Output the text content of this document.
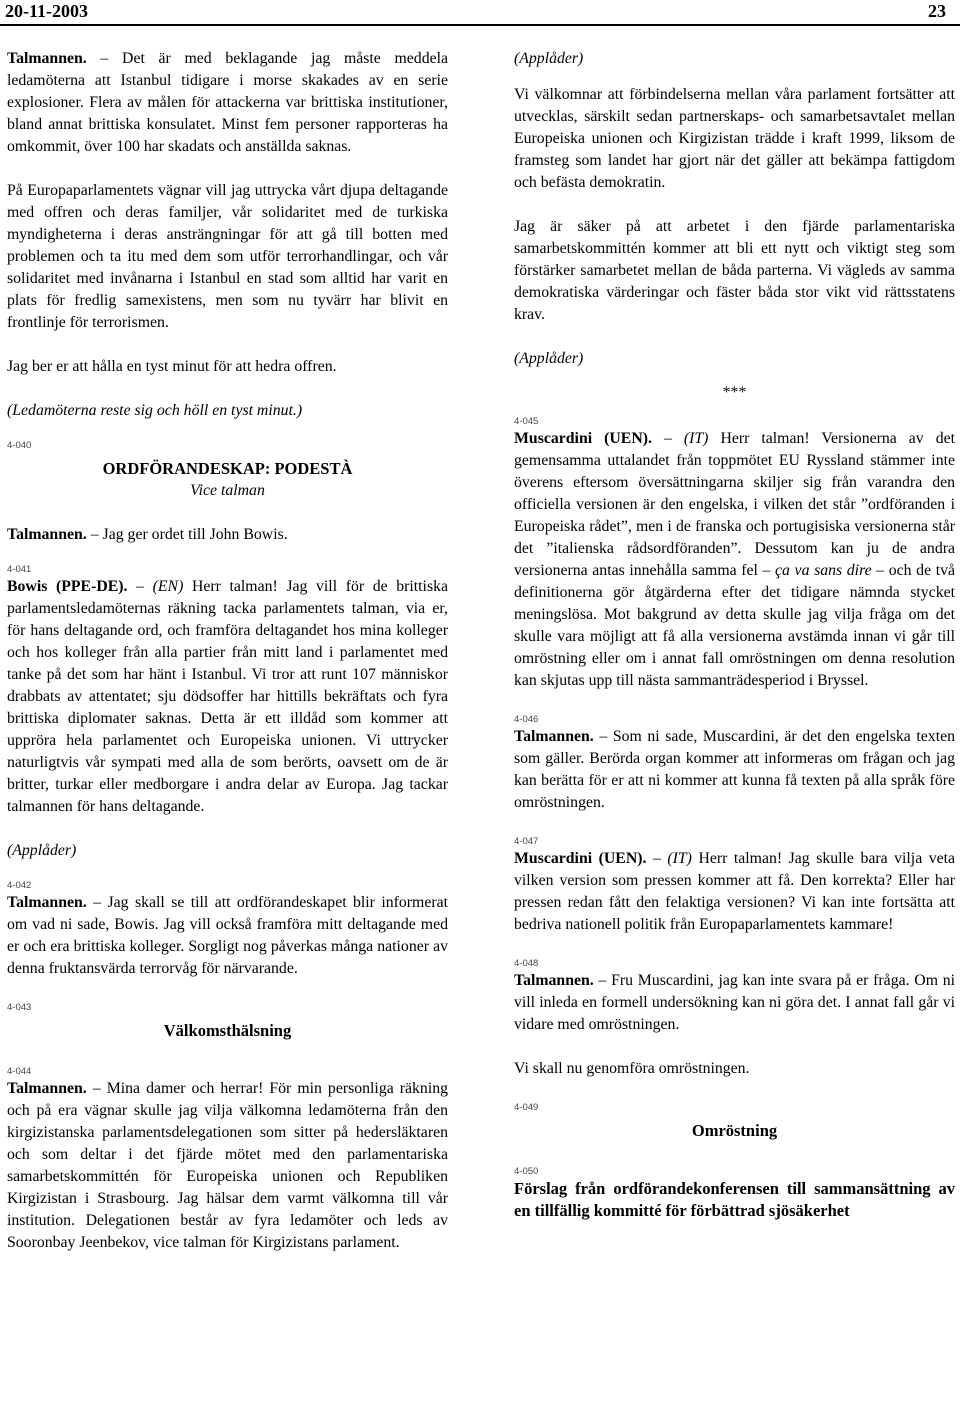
20-11-2003	23

Talmannen. – Det är med beklagande jag måste meddela ledamöterna att Istanbul tidigare i morse skakades av en serie explosioner. Flera av målen för attackerna var brittiska institutioner, bland annat brittiska konsulatet. Minst fem personer rapporteras ha omkommit, över 100 har skadats och anställda saknas.

På Europaparlamentets vägnar vill jag uttrycka vårt djupa deltagande med offren och deras familjer, vår solidaritet med de turkiska myndigheterna i deras ansträngningar för att gå till botten med problemen och ta itu med dem som utför terrorhandlingar, och vår solidaritet med invånarna i Istanbul en stad som alltid har varit en plats för fredlig samexistens, men som nu tyvärr har blivit en frontlinje för terrorismen.

Jag ber er att hålla en tyst minut för att hedra offren.

(Ledamöterna reste sig och höll en tyst minut.)

4-040

ORDFÖRANDESKAP: PODESTÀ
Vice talman

Talmannen. – Jag ger ordet till John Bowis.

4-041

Bowis (PPE-DE). – (EN) Herr talman! Jag vill för de brittiska parlamentsledamöternas räkning tacka parlamentets talman, via er, för hans deltagande ord, och framföra deltagandet hos mina kolleger och hos kolleger från alla partier från mitt land i parlamentet med tanke på det som har hänt i Istanbul. Vi tror att runt 107 människor drabbats av attentatet; sju dödsoffer har hittills bekräftats och fyra brittiska diplomater saknas. Detta är ett illdåd som kommer att uppröra hela parlamentet och Europeiska unionen. Vi uttrycker naturligtvis vår sympati med alla de som berörts, oavsett om de är britter, turkar eller medborgare i andra delar av Europa. Jag tackar talmannen för hans deltagande.

(Applåder)

4-042

Talmannen. – Jag skall se till att ordförandeskapet blir informerat om vad ni sade, Bowis. Jag vill också framföra mitt deltagande med er och era brittiska kolleger. Sorgligt nog påverkas många nationer av denna fruktansvärda terrorvåg för närvarande.

4-043

Välkomsthälsning

4-044

Talmannen. – Mina damer och herrar! För min personliga räkning och på era vägnar skulle jag vilja välkomna ledamöterna från den kirgizistanska parlamentsdelegationen som sitter på hedersläktaren och som deltar i det fjärde mötet med den parlamentariska samarbetskommittén för Europeiska unionen och Republiken Kirgizistan i Strasbourg. Jag hälsar dem varmt välkomna till vår institution. Delegationen består av fyra ledamöter och leds av Sooronbay Jeenbekov, vice talman för Kirgizistans parlament.

(Applåder)

Vi välkomnar att förbindelserna mellan våra parlament fortsätter att utvecklas, särskilt sedan partnerskaps- och samarbetsavtalet mellan Europeiska unionen och Kirgizistan trädde i kraft 1999, liksom de framsteg som landet har gjort när det gäller att bekämpa fattigdom och befästa demokratin.

Jag är säker på att arbetet i den fjärde parlamentariska samarbetskommittén kommer att bli ett nytt och viktigt steg som förstärker samarbetet mellan de båda parterna. Vi vägleds av samma demokratiska värderingar och fäster båda stor vikt vid rättsstatens krav.

(Applåder)

***

4-045

Muscardini (UEN). – (IT) Herr talman! Versionerna av det gemensamma uttalandet från toppmötet EU Ryssland stämmer inte överens eftersom översättningarna skiljer sig från varandra den officiella versionen är den engelska, i vilken det står ”ordföranden i Europeiska rådet”, men i de franska och portugisiska versionerna står det ”italienska rådsordföranden”. Dessutom kan ju de andra versionerna antas innehålla samma fel – ça va sans dire– och de två definitionerna gör åtgärderna efter det tidigare nämnda stycket meningslösa. Mot bakgrund av detta skulle jag vilja fråga om det skulle vara möjligt att få alla versionerna avstämda innan vi går till omröstning eller om i annat fall omröstningen om denna resolution kan skjutas upp till nästa sammanträdesperiod i Bryssel.

4-046

Talmannen. – Som ni sade, Muscardini, är det den engelska texten som gäller. Berörda organ kommer att informeras om frågan och jag kan berätta för er att ni kommer att kunna få texten på alla språk före omröstningen.

4-047

Muscardini (UEN). – (IT) Herr talman! Jag skulle bara vilja veta vilken version som pressen kommer att få. Den korrekta? Eller har pressen redan fått den felaktiga versionen? Vi kan inte fortsätta att bedriva nationell politik från Europaparlamentets kammare!

4-048

Talmannen. – Fru Muscardini, jag kan inte svara på er fråga. Om ni vill inleda en formell undersökning kan ni göra det. I annat fall går vi vidare med omröstningen.

Vi skall nu genomföra omröstningen.

4-049

Omröstning

4-050

Förslag från ordförandekonferensen till sammansättning av en tillfällig kommitté för förbättrad sjösäkerhet
